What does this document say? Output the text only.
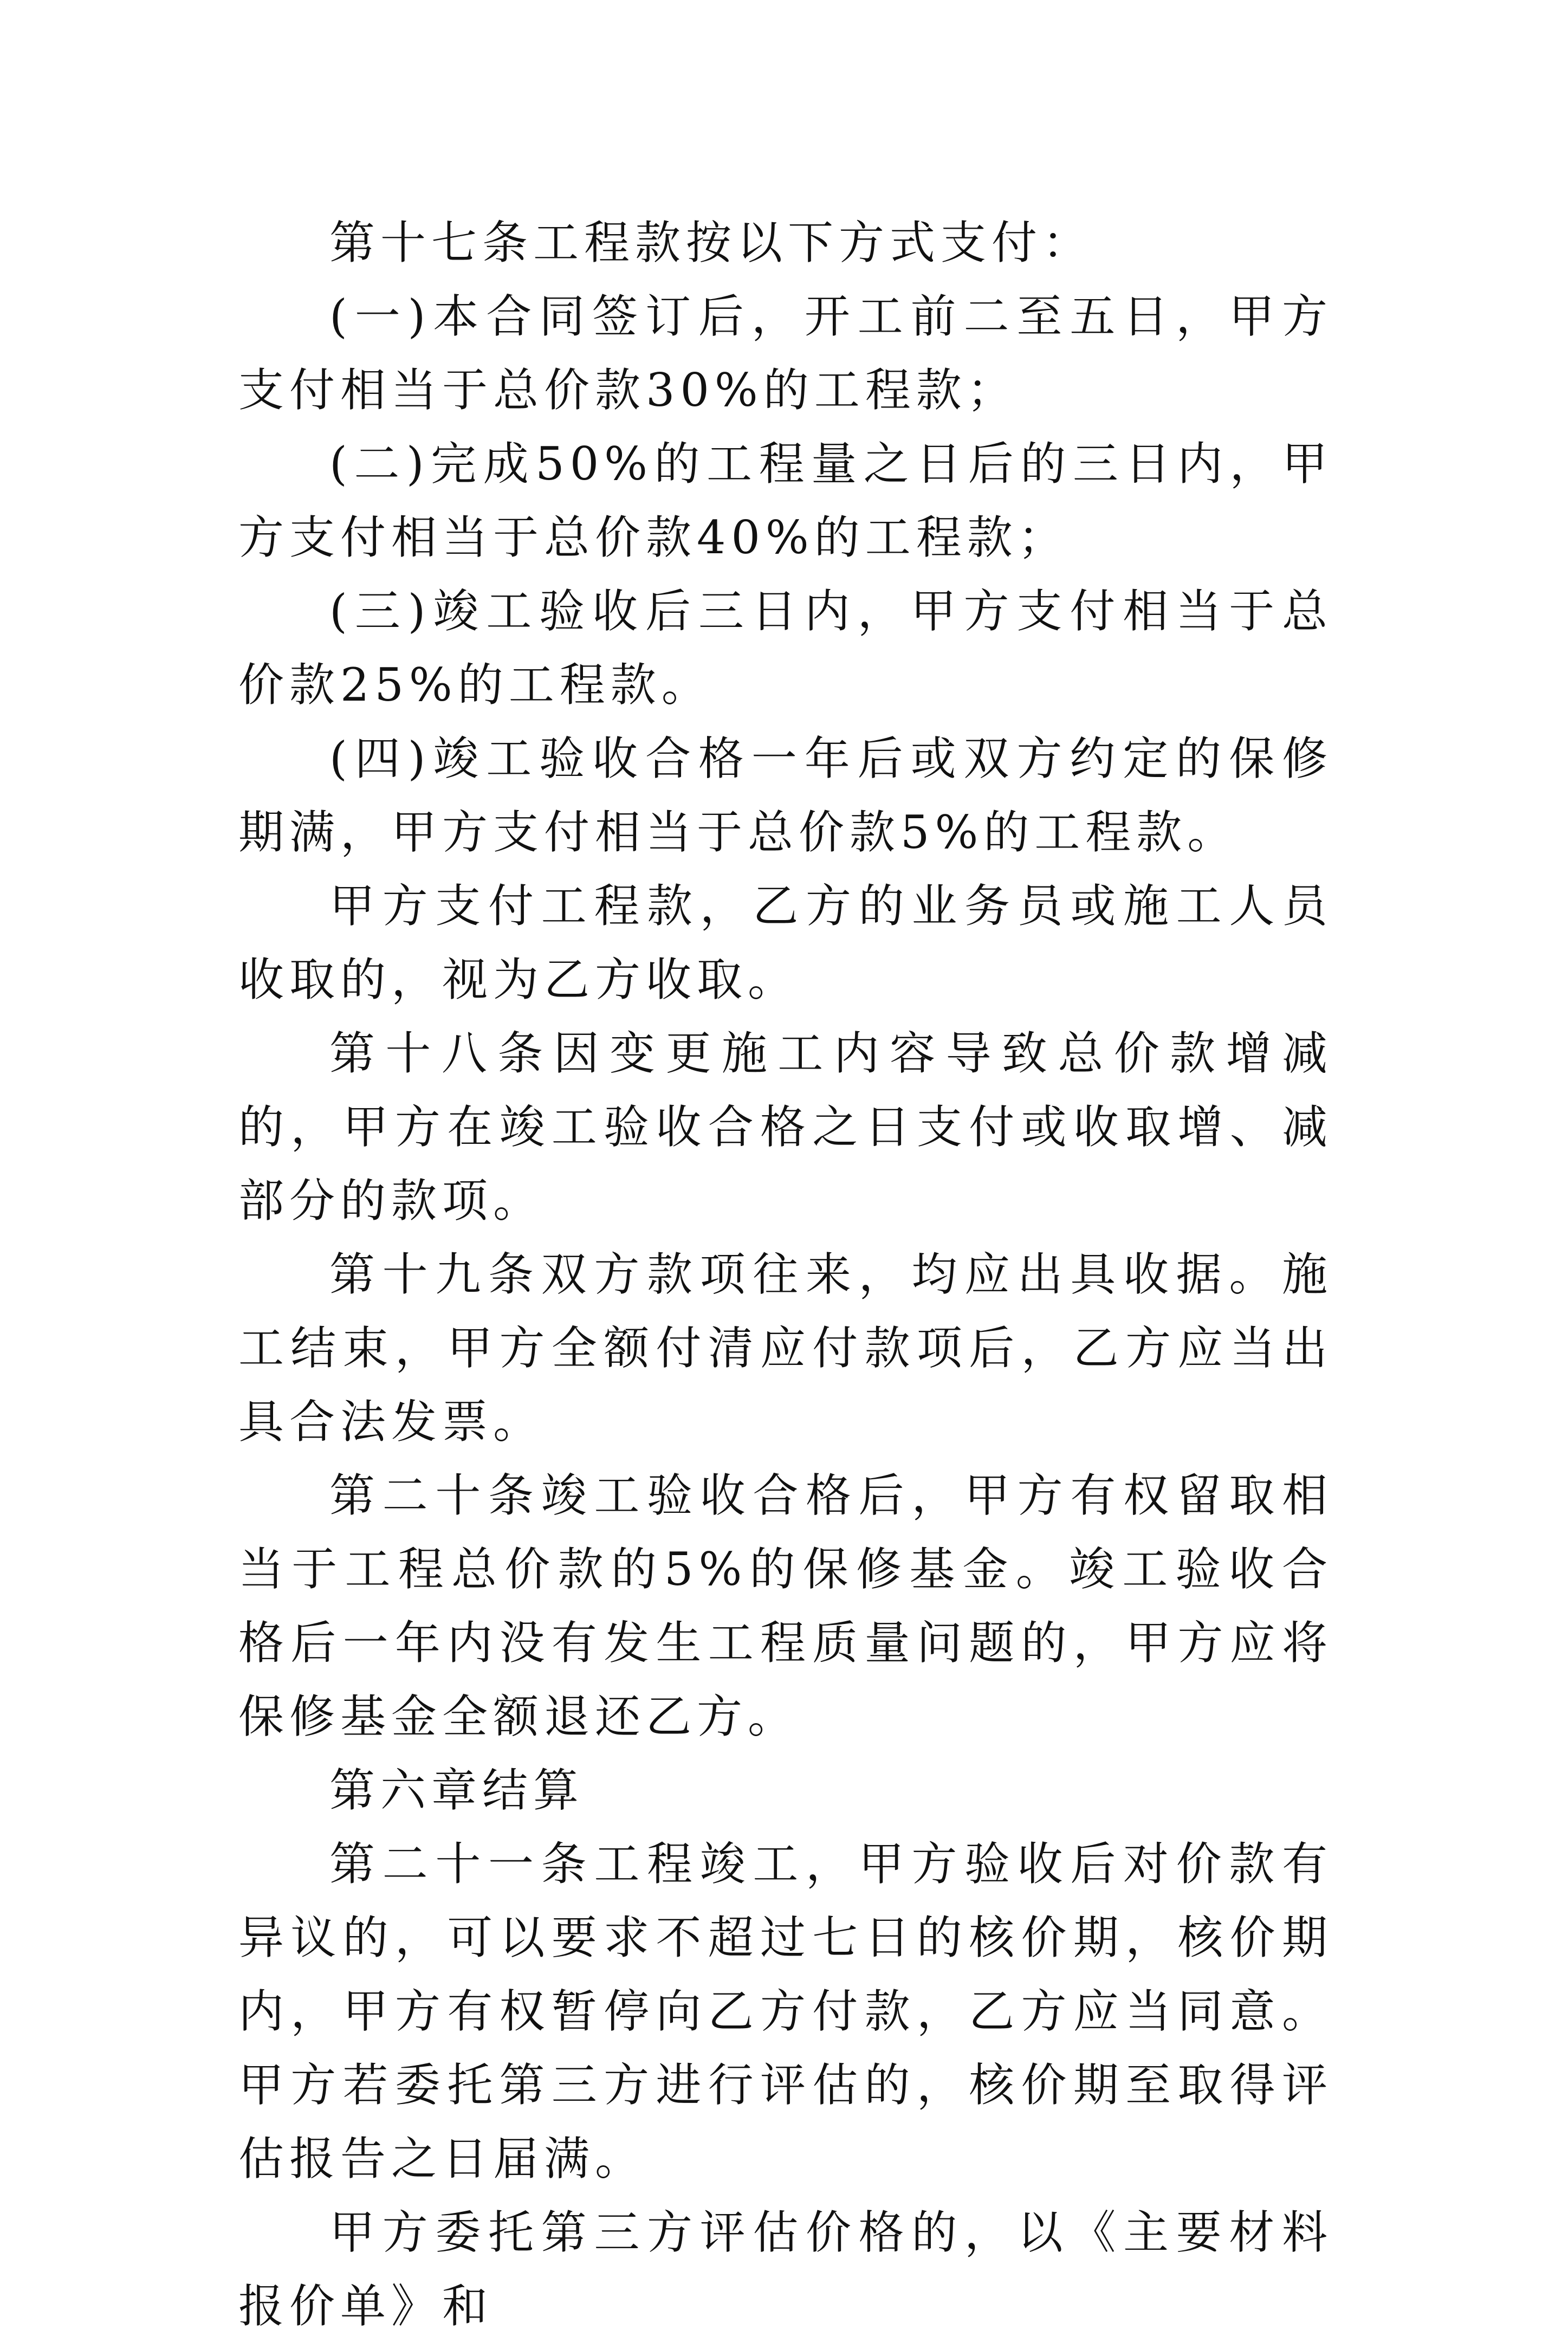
第十七条工程款按以下方式支付：

(一)本合同签订后，开工前二至五日，甲方支付相当于总价款30%的工程款；

(二)完成50%的工程量之日后的三日内，甲方支付相当于总价款40%的工程款；

(三)竣工验收后三日内，甲方支付相当于总价款25%的工程款。

(四)竣工验收合格一年后或双方约定的保修期满，甲方支付相当于总价款5%的工程款。

甲方支付工程款，乙方的业务员或施工人员收取的，视为乙方收取。

第十八条因变更施工内容导致总价款增减的，甲方在竣工验收合格之日支付或收取增、减部分的款项。

第十九条双方款项往来，均应出具收据。施工结束，甲方全额付清应付款项后，乙方应当出具合法发票。

第二十条竣工验收合格后，甲方有权留取相当于工程总价款的5%的保修基金。竣工验收合格后一年内没有发生工程质量问题的，甲方应将保修基金全额退还乙方。

第六章结算

第二十一条工程竣工，甲方验收后对价款有异议的，可以要求不超过七日的核价期，核价期内，甲方有权暂停向乙方付款，乙方应当同意。甲方若委托第三方进行评估的，核价期至取得评估报告之日届满。

甲方委托第三方评估价格的，以《主要材料报价单》和
